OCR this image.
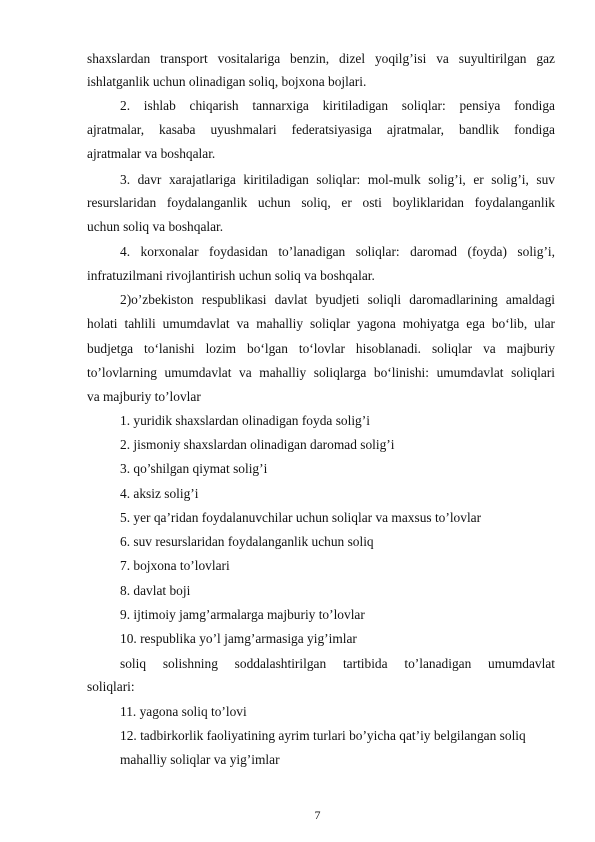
shaxslardan transport vositalariga benzin, dizel yoqilg’isi va suyultirilgan gaz
ishlatganlik uchun olinadigan soliq, bojxona bojlari.
2. ishlab chiqarish tannarxiga kiritiladigan soliqlar: pensiya fondiga
ajratmalar, kasaba uyushmalari federatsiyasiga ajratmalar, bandlik fondiga
ajratmalar va boshqalar.
3. davr xarajatlariga kiritiladigan soliqlar: mol-mulk solig’i, er solig’i, suv
resurslaridan foydalanganlik uchun soliq, er osti boyliklaridan foydalanganlik
uchun soliq va boshqalar.
4. korxonalar foydasidan to’lanadigan soliqlar: daromad (foyda) solig’i,
infratuzilmani rivojlantirish uchun soliq va boshqalar.
2)o’zbekiston respublikasi davlat byudjeti soliqli daromadlarining amaldagi
holati tahlili umumdavlat va mahalliy soliqlar yagona mohiyatga ega bo‘lib, ular
budjetga to‘lanishi lozim bo‘lgan to‘lovlar hisoblanadi. soliqlar va majburiy
to’lovlarning umumdavlat va mahalliy soliqlarga bo‘linishi: umumdavlat soliqlari
va majburiy to’lovlar
1. yuridik shaxslardan olinadigan foyda solig’i
2. jismoniy shaxslardan olinadigan daromad solig’i
3. qo’shilgan qiymat solig’i
4. aksiz solig’i
5. yer qa’ridan foydalanuvchilar uchun soliqlar va maxsus to’lovlar
6. suv resurslaridan foydalanganlik uchun soliq
7. bojxona to’lovlari
8. davlat boji
9. ijtimoiy jamg’armalarga majburiy to’lovlar
10. respublika yo’l jamg’armasiga yig’imlar
soliq solishning soddalashtirilgan tartibida to’lanadigan umumdavlat
soliqlari:
11. yagona soliq to’lovi
12. tadbirkorlik faoliyatining ayrim turlari bo’yicha qat’iy belgilangan soliq
mahalliy soliqlar va yig’imlar
7
